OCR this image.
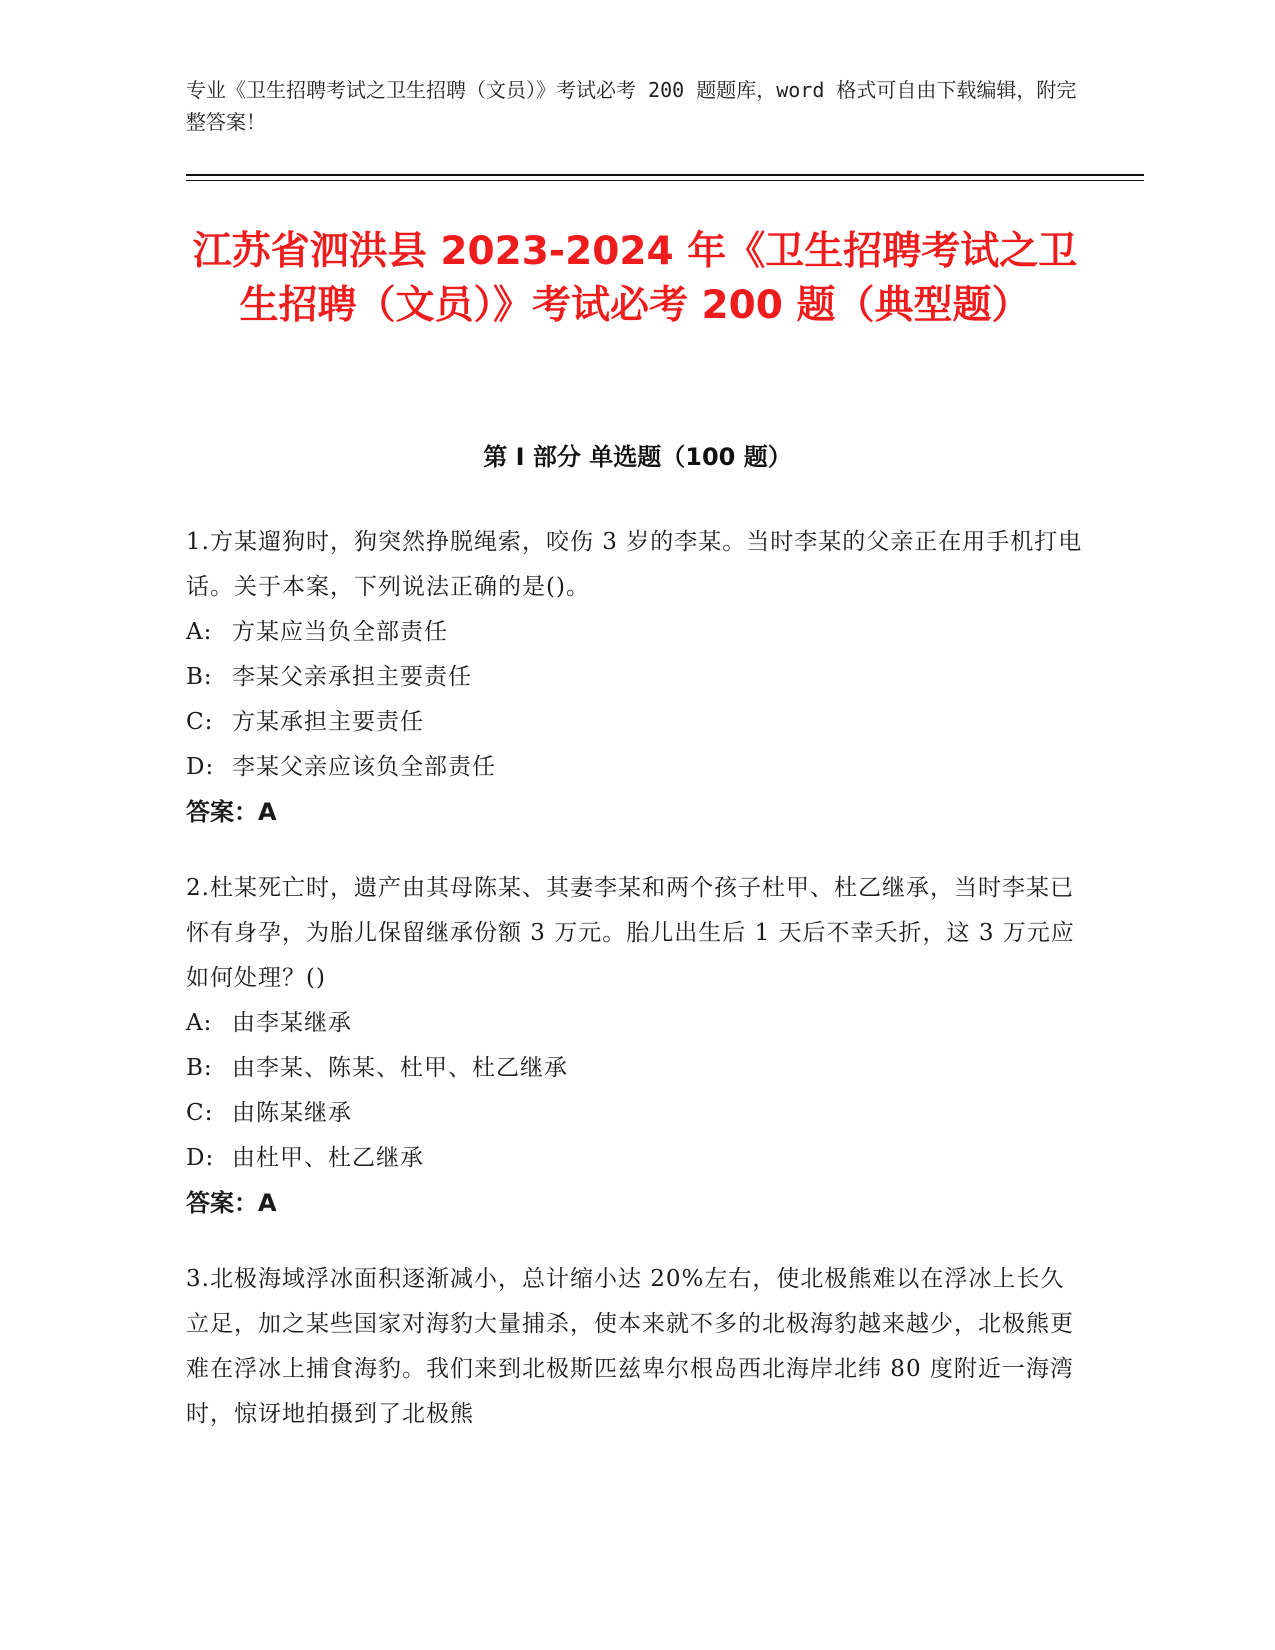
专业《卫生招聘考试之卫生招聘（文员）》考试必考 200 题题库，word 格式可自由下载编辑，附完整答案！
江苏省泗洪县 2023-2024 年《卫生招聘考试之卫生招聘（文员）》考试必考 200 题（典型题）
第 I 部分 单选题（100 题）

1.方某遛狗时，狗突然挣脱绳索，咬伤 3 岁的李某。当时李某的父亲正在用手机打电话。关于本案，下列说法正确的是()。

A: 方某应当负全部责任

B: 李某父亲承担主要责任

C: 方某承担主要责任

D: 李某父亲应该负全部责任

答案：A

2.杜某死亡时，遗产由其母陈某、其妻李某和两个孩子杜甲、杜乙继承，当时李某已怀有身孕，为胎儿保留继承份额 3 万元。胎儿出生后 1 天后不幸夭折，这 3 万元应如何处理？()

A: 由李某继承

B: 由李某、陈某、杜甲、杜乙继承

C: 由陈某继承

D: 由杜甲、杜乙继承

答案：A

3.北极海域浮冰面积逐渐减小，总计缩小达 20%左右，使北极熊难以在浮冰上长久立足，加之某些国家对海豹大量捕杀，使本来就不多的北极海豹越来越少，北极熊更难在浮冰上捕食海豹。我们来到北极斯匹兹卑尔根岛西北海岸北纬 80 度附近一海湾时，惊讶地拍摄到了北极熊
